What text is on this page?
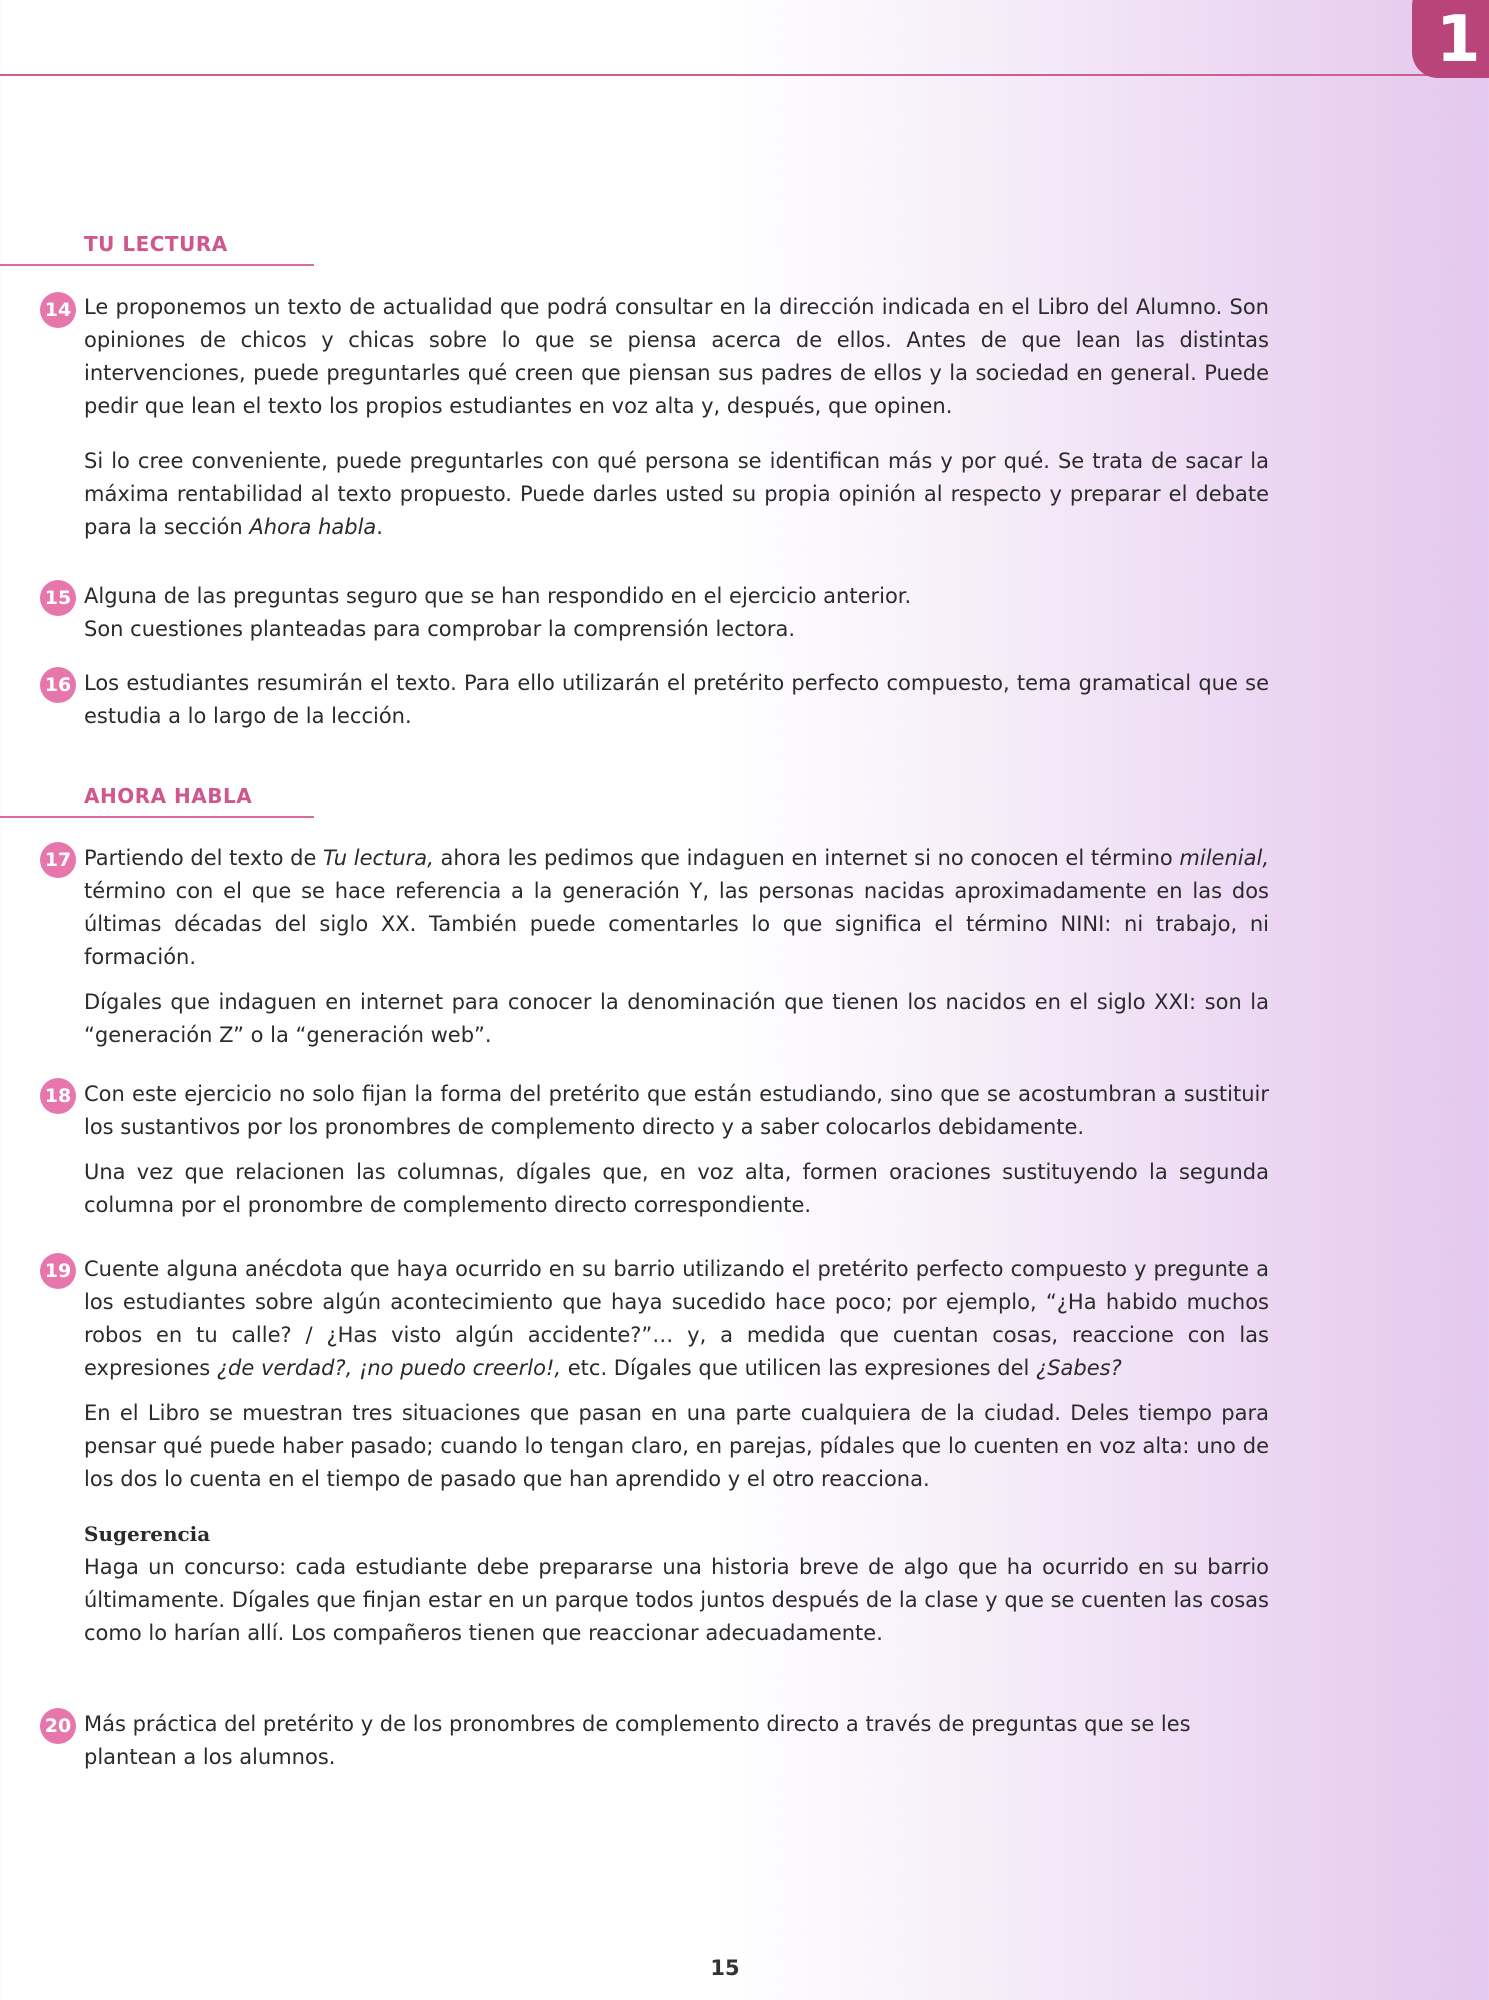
1
TU LECTURA
14 Le proponemos un texto de actualidad que podrá consultar en la dirección indicada en el Libro del Alumno. Son opiniones de chicos y chicas sobre lo que se piensa acerca de ellos. Antes de que lean las distintas intervenciones, puede preguntarles qué creen que piensan sus padres de ellos y la sociedad en general. Puede pedir que lean el texto los propios estudiantes en voz alta y, después, que opinen.

Si lo cree conveniente, puede preguntarles con qué persona se identifican más y por qué. Se trata de sacar la máxima rentabilidad al texto propuesto. Puede darles usted su propia opinión al respecto y preparar el debate para la sección Ahora habla.

15 Alguna de las preguntas seguro que se han respondido en el ejercicio anterior.

Son cuestiones planteadas para comprobar la comprensión lectora.

16 Los estudiantes resumirán el texto. Para ello utilizarán el pretérito perfecto compuesto, tema gramatical que se estudia a lo largo de la lección.

AHORA HABLA
17 Partiendo del texto de Tu lectura, ahora les pedimos que indaguen en internet si no conocen el término milenial, término con el que se hace referencia a la generación Y, las personas nacidas aproximadamente en las dos últimas décadas del siglo XX. También puede comentarles lo que significa el término NINI: ni trabajo, ni formación.

Dígales que indaguen en internet para conocer la denominación que tienen los nacidos en el siglo XXI: son la “generación Z” o la “generación web”.

18 Con este ejercicio no solo fijan la forma del pretérito que están estudiando, sino que se acostumbran a sustituir los sustantivos por los pronombres de complemento directo y a saber colocarlos debidamente.

Una vez que relacionen las columnas, dígales que, en voz alta, formen oraciones sustituyendo la segunda columna por el pronombre de complemento directo correspondiente.

19 Cuente alguna anécdota que haya ocurrido en su barrio utilizando el pretérito perfecto compuesto y pregunte a los estudiantes sobre algún acontecimiento que haya sucedido hace poco; por ejemplo, “¿Ha habido muchos robos en tu calle? / ¿Has visto algún accidente?”… y, a medida que cuentan cosas, reaccione con las expresiones ¿de verdad?, ¡no puedo creerlo!, etc. Dígales que utilicen las expresiones del ¿Sabes?

En el Libro se muestran tres situaciones que pasan en una parte cualquiera de la ciudad. Deles tiempo para pensar qué puede haber pasado; cuando lo tengan claro, en parejas, pídales que lo cuenten en voz alta: uno de los dos lo cuenta en el tiempo de pasado que han aprendido y el otro reacciona.

Sugerencia

Haga un concurso: cada estudiante debe prepararse una historia breve de algo que ha ocurrido en su barrio últimamente. Dígales que finjan estar en un parque todos juntos después de la clase y que se cuenten las cosas como lo harían allí. Los compañeros tienen que reaccionar adecuadamente.

20 Más práctica del pretérito y de los pronombres de complemento directo a través de preguntas que se les plantean a los alumnos.

15
